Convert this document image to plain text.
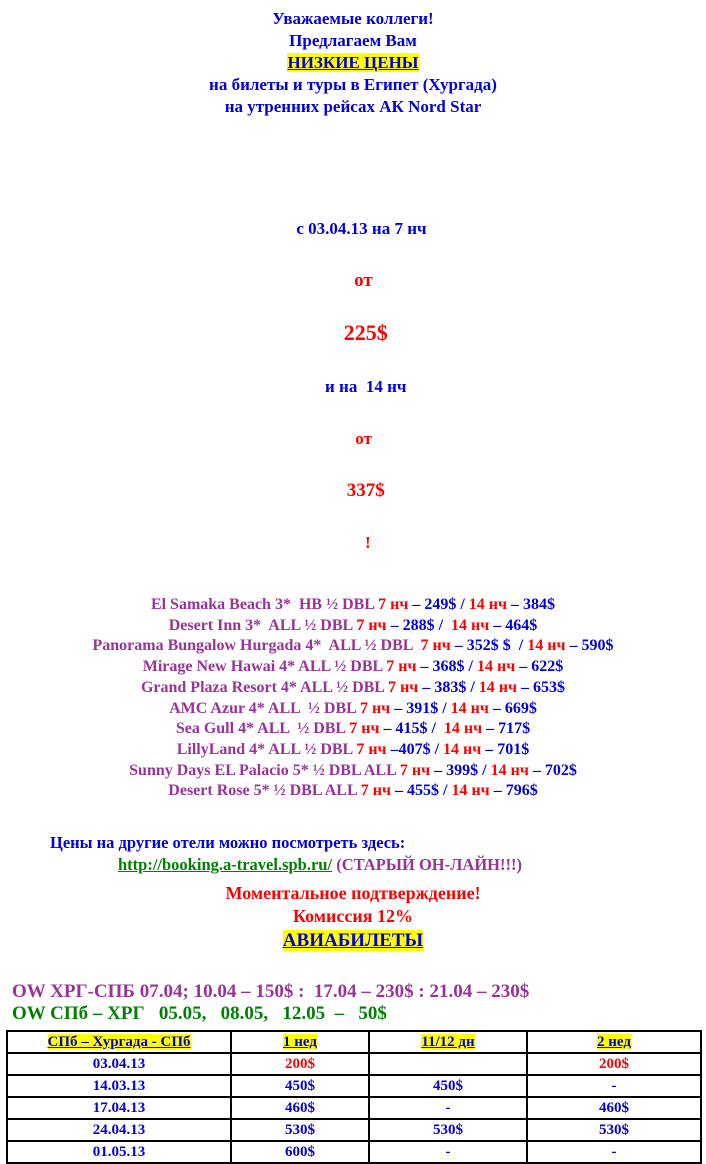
Уважаемые коллеги!
Предлагаем Вам
НИЗКИЕ ЦЕНЫ
на билеты и туры в Египет (Хургада)
на утренних рейсах АК Nord Star

с 03.04.13 на 7 нч

от

225$

и на  14 нч

от

337$

!

El Samaka Beach 3*  HB ½ DBL 7 нч – 249$ / 14 нч – 384$
Desert Inn 3*  ALL ½ DBL 7 нч – 288$ /  14 нч – 464$
Panorama Bungalow Hurgada 4*  ALL ½ DBL  7 нч – 352$ $  / 14 нч – 590$
Mirage New Hawai 4* ALL ½ DBL 7 нч – 368$ / 14 нч – 622$
Grand Plaza Resort 4* ALL ½ DBL 7 нч – 383$ / 14 нч – 653$
AMC Azur 4* ALL  ½ DBL 7 нч – 391$ / 14 нч – 669$
Sea Gull 4* ALL  ½ DBL 7 нч – 415$ /  14 нч – 717$
LillyLand 4* ALL ½ DBL 7 нч –407$ / 14 нч – 701$
Sunny Days EL Palacio 5* ½ DBL ALL 7 нч – 399$ / 14 нч – 702$
Desert Rose 5* ½ DBL ALL 7 нч – 455$ / 14 нч – 796$
Цены на другие отели можно посмотреть здесь:
http://booking.a-travel.spb.ru/ (СТАРЫЙ ОН-ЛАЙН!!!)
Моментальное подтверждение!
Комиссия 12%
АВИАБИЛЕТЫ
OW ХРГ-СПБ 07.04; 10.04 – 150$ :  17.04 – 230$ : 21.04 – 230$
OW СПб – ХРГ   05.05,   08.05,   12.05  –   50$
СПб – Хургада - СПб	1 нед	11/12 дн	2 нед
03.04.13	200$		200$
14.03.13	450$	450$	-
17.04.13	460$	-	460$
24.04.13	530$	530$	530$
01.05.13	600$	-	-
